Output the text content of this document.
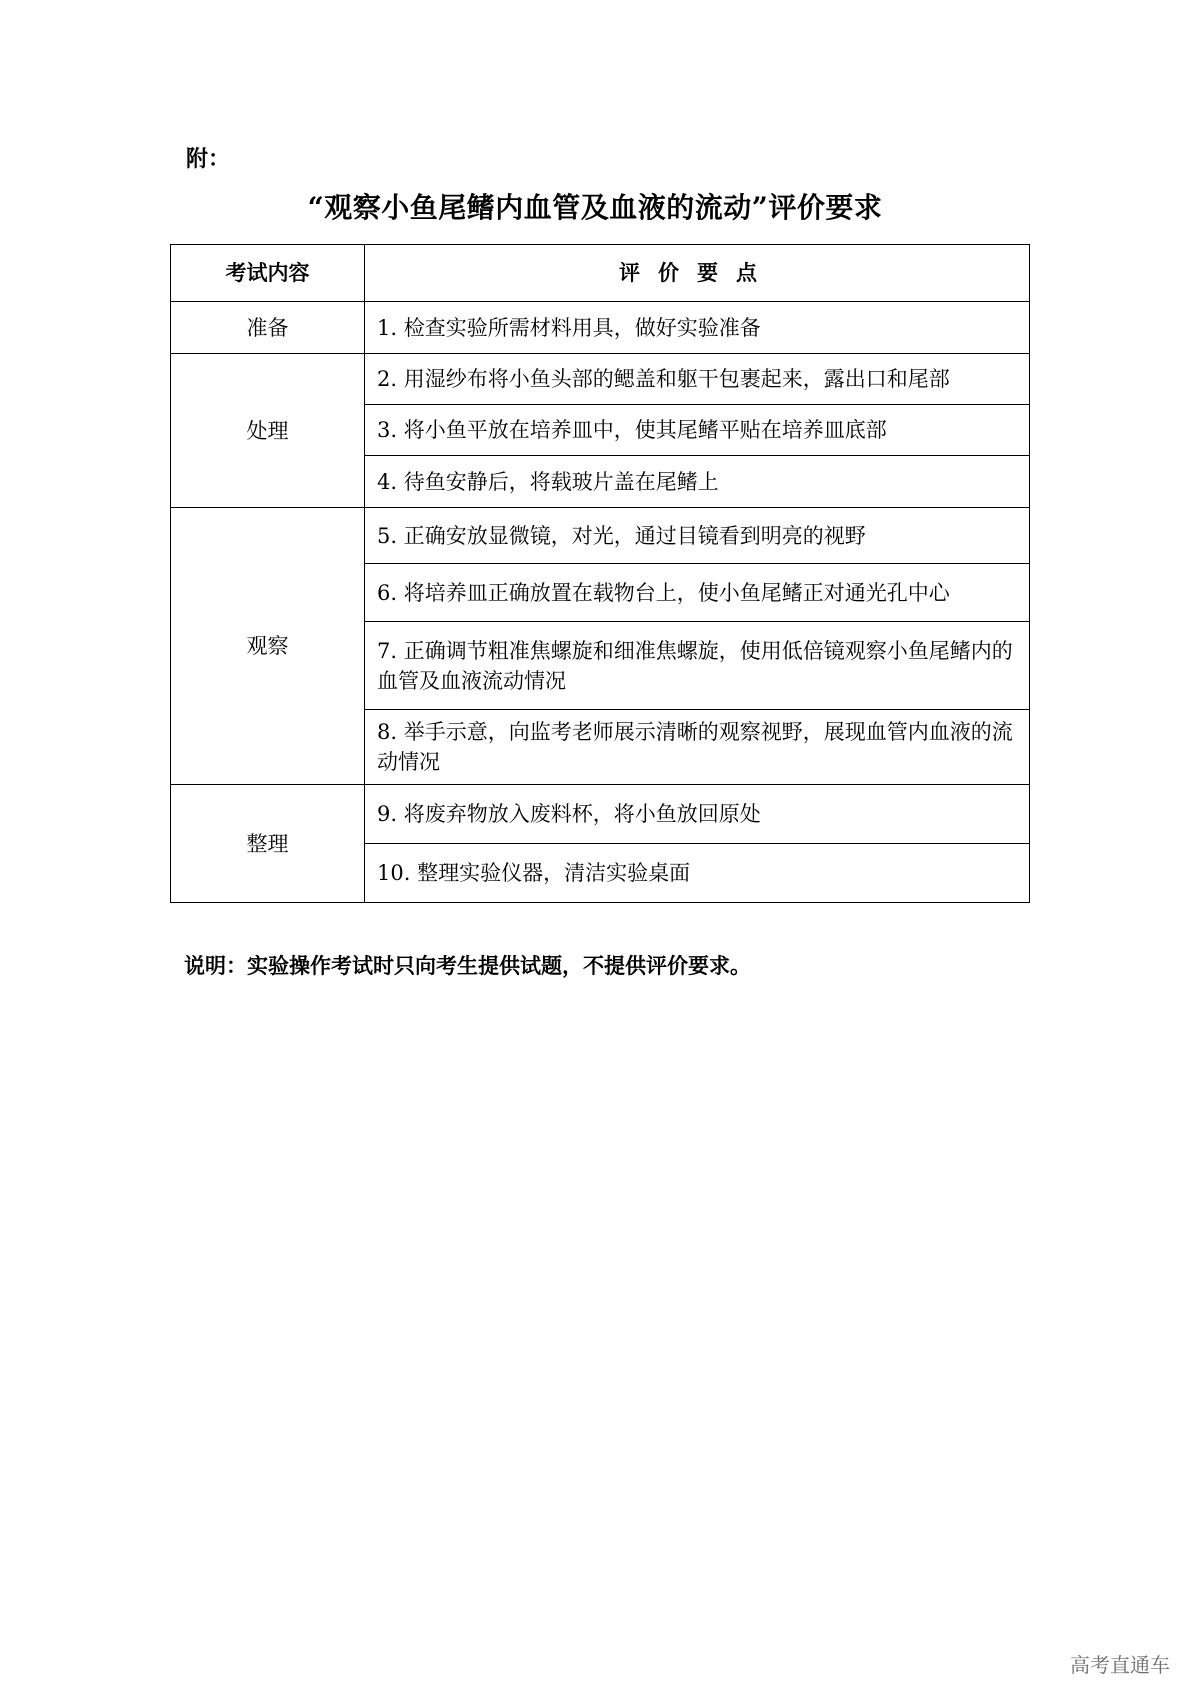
附：
“观察小鱼尾鳍内血管及血液的流动”评价要求
考试内容	评价要点
准备	1. 检查实验所需材料用具，做好实验准备
处理	2. 用湿纱布将小鱼头部的鳃盖和躯干包裹起来，露出口和尾部
	3. 将小鱼平放在培养皿中，使其尾鳍平贴在培养皿底部
	4. 待鱼安静后，将载玻片盖在尾鳍上
观察	5. 正确安放显微镜，对光，通过目镜看到明亮的视野
	6. 将培养皿正确放置在载物台上，使小鱼尾鳍正对通光孔中心
	7. 正确调节粗准焦螺旋和细准焦螺旋，使用低倍镜观察小鱼尾鳍内的血管及血液流动情况
	8. 举手示意，向监考老师展示清晰的观察视野，展现血管内血液的流动情况
整理	9. 将废弃物放入废料杯，将小鱼放回原处
	10. 整理实验仪器，清洁实验桌面
说明：实验操作考试时只向考生提供试题，不提供评价要求。
高考直通车
